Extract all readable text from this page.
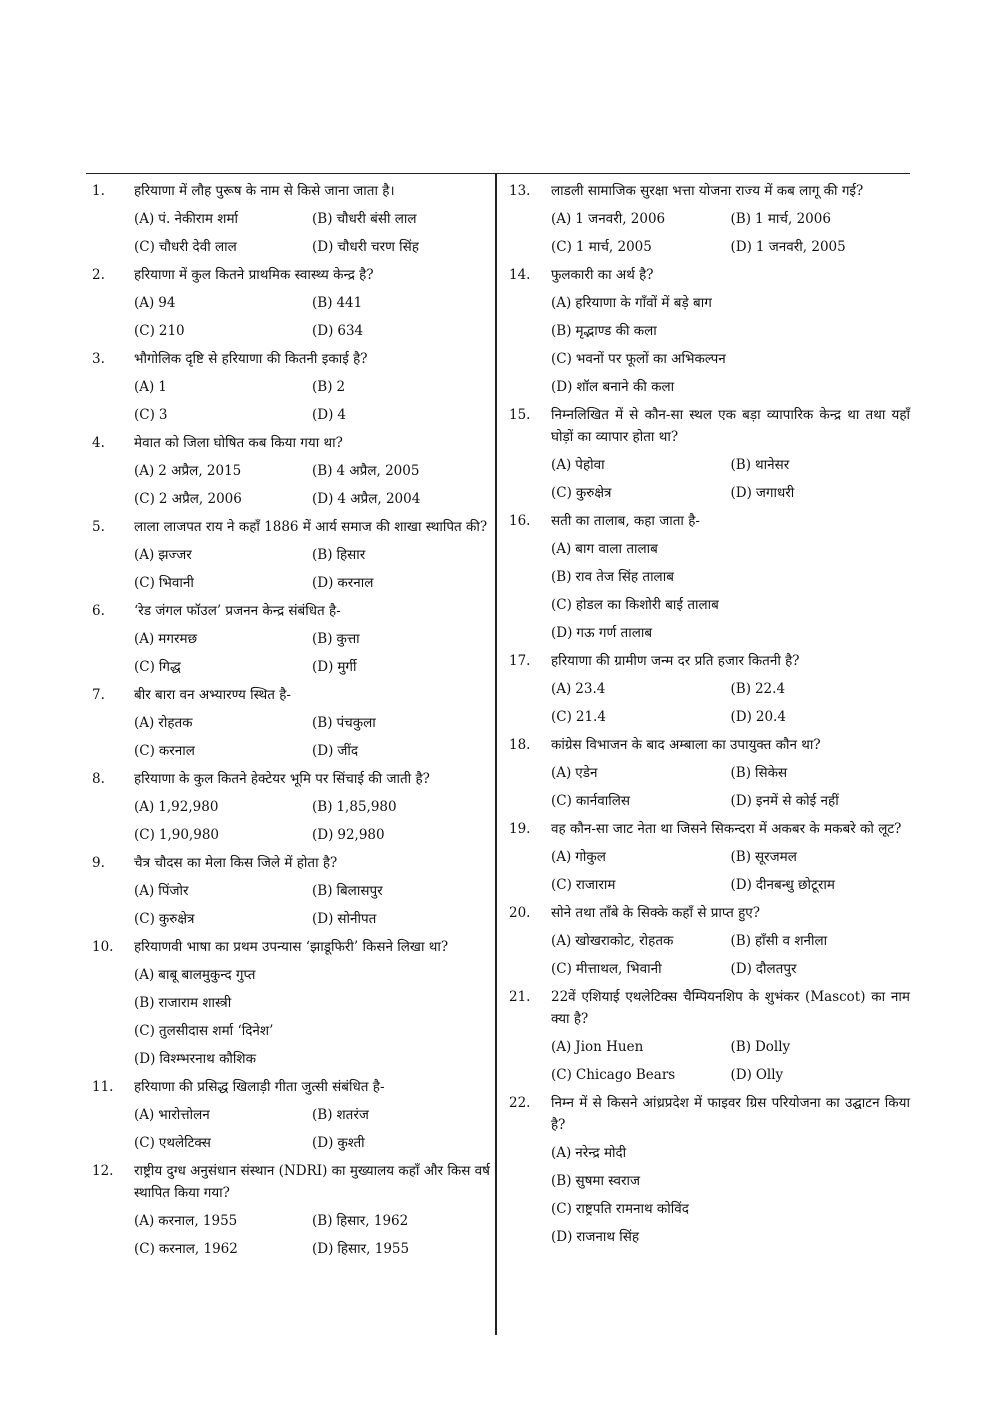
1. हरियाणा में लौह पुरूष के नाम से किसे जाना जाता है।
(A) पं. नेकीराम शर्मा	(B) चौधरी बंसी लाल
(C) चौधरी देवी लाल	(D) चौधरी चरण सिंह
2. हरियाणा में कुल कितने प्राथमिक स्वास्थ्य केन्द्र है?
(A) 94	(B) 441
(C) 210	(D) 634
3. भौगोलिक दृष्टि से हरियाणा की कितनी इकाई है?
(A) 1	(B) 2
(C) 3	(D) 4
4. मेवात को जिला घोषित कब किया गया था?
(A) 2 अप्रैल, 2015	(B) 4 अप्रैल, 2005
(C) 2 अप्रैल, 2006	(D) 4 अप्रैल, 2004
5. लाला लाजपत राय ने कहाँ 1886 में आर्य समाज की शाखा स्थापित की?
(A) झज्जर	(B) हिसार
(C) भिवानी	(D) करनाल
6. ‘रेड जंगल फॉउल’ प्रजनन केन्द्र संबंधित है-
(A) मगरमछ	(B) कुत्ता
(C) गिद्ध	(D) मुर्गी
7. बीर बारा वन अभ्यारण्य स्थित है-
(A) रोहतक	(B) पंचकुला
(C) करनाल	(D) जींद
8. हरियाणा के कुल कितने हेक्टेयर भूमि पर सिंचाई की जाती है?
(A) 1,92,980	(B) 1,85,980
(C) 1,90,980	(D) 92,980
9. चैत्र चौदस का मेला किस जिले में होता है?
(A) पिंजोर	(B) बिलासपुर
(C) कुरुक्षेत्र	(D) सोनीपत
10. हरियाणवी भाषा का प्रथम उपन्यास ‘झाडूफिरी’ किसने लिखा था?
(A) बाबू बालमुकुन्द गुप्त
(B) राजाराम शास्त्री
(C) तुलसीदास शर्मा ‘दिनेश’
(D) विश्म्भरनाथ कौशिक
11. हरियाणा की प्रसिद्ध खिलाड़ी गीता जुत्सी संबंधित है-
(A) भारोत्तोलन	(B) शतरंज
(C) एथलेटिक्स	(D) कुश्ती
12. राष्ट्रीय दुग्ध अनुसंधान संस्थान (NDRI) का मुख्यालय कहाँ और किस वर्ष स्थापित किया गया?
(A) करनाल, 1955	(B) हिसार, 1962
(C) करनाल, 1962	(D) हिसार, 1955
13. लाडली सामाजिक सुरक्षा भत्ता योजना राज्य में कब लागू की गई?
(A) 1 जनवरी, 2006	(B) 1 मार्च, 2006
(C) 1 मार्च, 2005	(D) 1 जनवरी, 2005
14. फुलकारी का अर्थ है?
(A) हरियाणा के गाँवों में बड़े बाग
(B) मृद्भाण्ड की कला
(C) भवनों पर फूलों का अभिकल्पन
(D) शॉल बनाने की कला
15. निम्नलिखित में से कौन-सा स्थल एक बड़ा व्यापारिक केन्द्र था तथा यहाँ घोड़ों का व्यापार होता था?
(A) पेहोवा	(B) थानेसर
(C) कुरुक्षेत्र	(D) जगाधरी
16. सती का तालाब, कहा जाता है-
(A) बाग वाला तालाब
(B) राव तेज सिंह तालाब
(C) होडल का किशोरी बाई तालाब
(D) गऊ गर्ण तालाब
17. हरियाणा की ग्रामीण जन्म दर प्रति हजार कितनी है?
(A) 23.4	(B) 22.4
(C) 21.4	(D) 20.4
18. कांग्रेस विभाजन के बाद अम्बाला का उपायुक्त कौन था?
(A) एडेन	(B) सिकेस
(C) कार्नवालिस	(D) इनमें से कोई नहीं
19. वह कौन-सा जाट नेता था जिसने सिकन्दरा में अकबर के मकबरे को लूट?
(A) गोकुल	(B) सूरजमल
(C) राजाराम	(D) दीनबन्धु छोटूराम
20. सोने तथा ताँबे के सिक्के कहाँ से प्राप्त हुए?
(A) खोखराकोट, रोहतक	(B) हाँसी व शनीला
(C) मीत्ताथल, भिवानी	(D) दौलतपुर
21. 22वें एशियाई एथलेटिक्स चैम्पियनशिप के शुभंकर (Mascot) का नाम क्या है?
(A) Jion Huen	(B) Dolly
(C) Chicago Bears	(D) Olly
22. निम्न में से किसने आंध्रप्रदेश में फाइवर ग्रिस परियोजना का उद्घाटन किया है?
(A) नरेन्द्र मोदी
(B) सुषमा स्वराज
(C) राष्ट्रपति रामनाथ कोविंद
(D) राजनाथ सिंह
